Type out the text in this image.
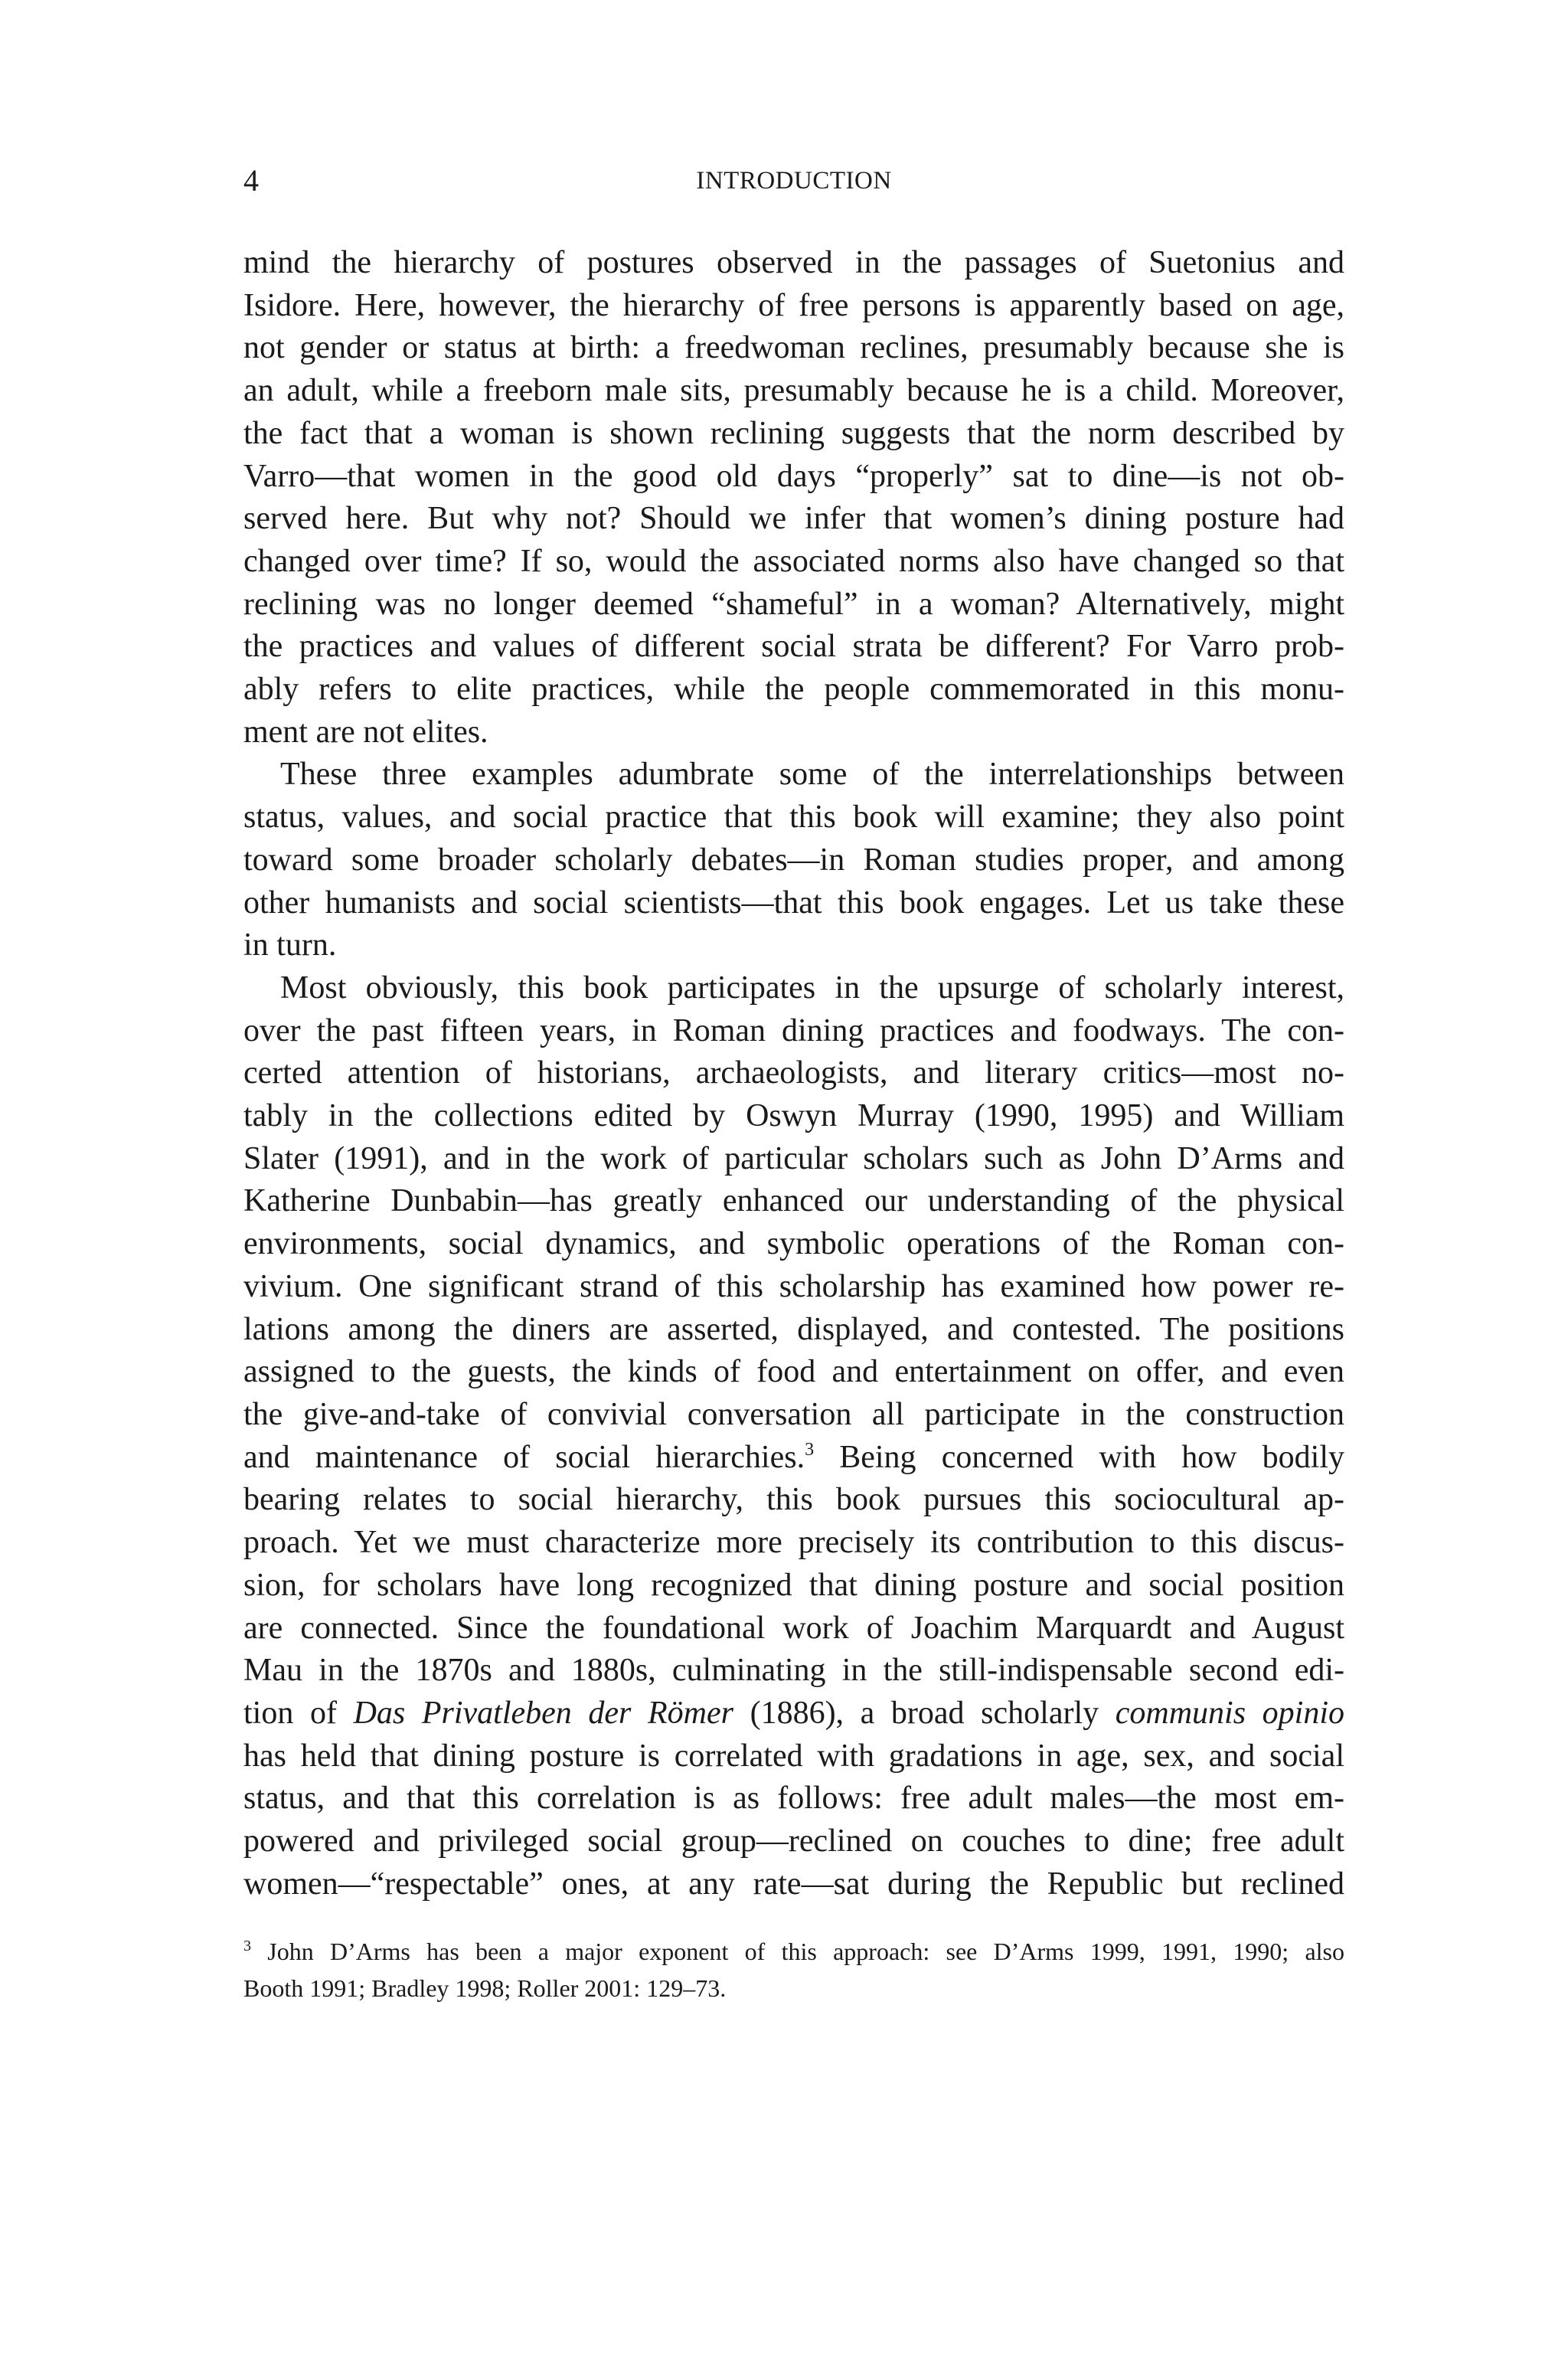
4	INTRODUCTION

mind the hierarchy of postures observed in the passages of Suetonius and
Isidore. Here, however, the hierarchy of free persons is apparently based on age,
not gender or status at birth: a freedwoman reclines, presumably because she is
an adult, while a freeborn male sits, presumably because he is a child. Moreover,
the fact that a woman is shown reclining suggests that the norm described by
Varro—that women in the good old days “properly” sat to dine—is not ob-
served here. But why not? Should we infer that women’s dining posture had
changed over time? If so, would the associated norms also have changed so that
reclining was no longer deemed “shameful” in a woman? Alternatively, might
the practices and values of different social strata be different? For Varro prob-
ably refers to elite practices, while the people commemorated in this monu-
ment are not elites.

These three examples adumbrate some of the interrelationships between
status, values, and social practice that this book will examine; they also point
toward some broader scholarly debates—in Roman studies proper, and among
other humanists and social scientists—that this book engages. Let us take these
in turn.

Most obviously, this book participates in the upsurge of scholarly interest,
over the past fifteen years, in Roman dining practices and foodways. The con-
certed attention of historians, archaeologists, and literary critics—most no-
tably in the collections edited by Oswyn Murray (1990, 1995) and William
Slater (1991), and in the work of particular scholars such as John D’Arms and
Katherine Dunbabin—has greatly enhanced our understanding of the physical
environments, social dynamics, and symbolic operations of the Roman con-
vivium. One significant strand of this scholarship has examined how power re-
lations among the diners are asserted, displayed, and contested. The positions
assigned to the guests, the kinds of food and entertainment on offer, and even
the give-and-take of convivial conversation all participate in the construction
and maintenance of social hierarchies.$^3$ Being concerned with how bodily
bearing relates to social hierarchy, this book pursues this sociocultural ap-
proach. Yet we must characterize more precisely its contribution to this discus-
sion, for scholars have long recognized that dining posture and social position
are connected. Since the foundational work of Joachim Marquardt and August
Mau in the 1870s and 1880s, culminating in the still-indispensable second edi-
tion of Das Privatleben der Römer (1886), a broad scholarly communis opinio
has held that dining posture is correlated with gradations in age, sex, and social
status, and that this correlation is as follows: free adult males—the most em-
powered and privileged social group—reclined on couches to dine; free adult
women—“respectable” ones, at any rate—sat during the Republic but reclined

$^3$ John D’Arms has been a major exponent of this approach: see D’Arms 1999, 1991, 1990; also
Booth 1991; Bradley 1998; Roller 2001: 129–73.
